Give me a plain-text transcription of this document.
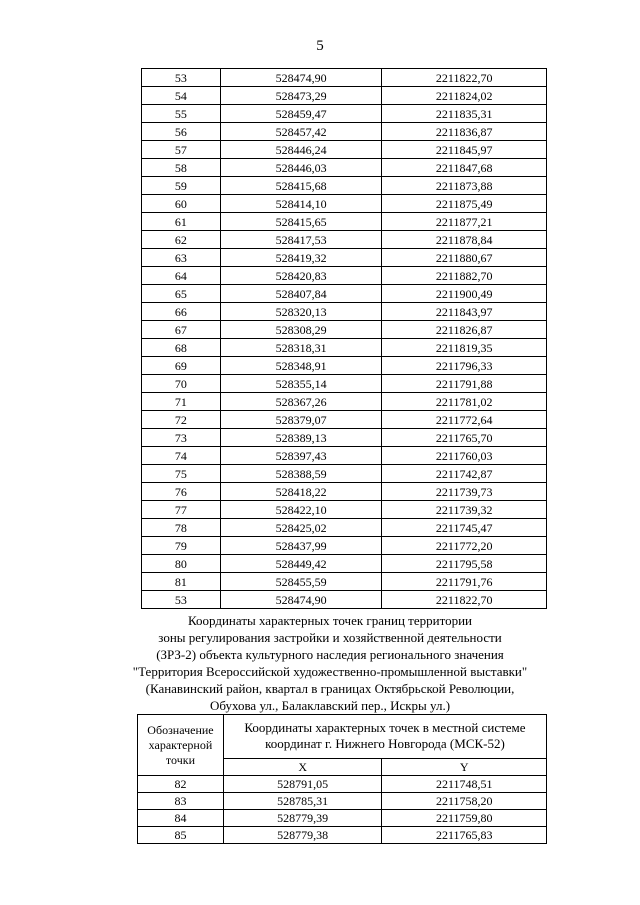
5
53	528474,90	2211822,70
54	528473,29	2211824,02
55	528459,47	2211835,31
56	528457,42	2211836,87
57	528446,24	2211845,97
58	528446,03	2211847,68
59	528415,68	2211873,88
60	528414,10	2211875,49
61	528415,65	2211877,21
62	528417,53	2211878,84
63	528419,32	2211880,67
64	528420,83	2211882,70
65	528407,84	2211900,49
66	528320,13	2211843,97
67	528308,29	2211826,87
68	528318,31	2211819,35
69	528348,91	2211796,33
70	528355,14	2211791,88
71	528367,26	2211781,02
72	528379,07	2211772,64
73	528389,13	2211765,70
74	528397,43	2211760,03
75	528388,59	2211742,87
76	528418,22	2211739,73
77	528422,10	2211739,32
78	528425,02	2211745,47
79	528437,99	2211772,20
80	528449,42	2211795,58
81	528455,59	2211791,76
53	528474,90	2211822,70
Координаты характерных точек границ территории
зоны регулирования застройки и хозяйственной деятельности
(ЗРЗ-2) объекта культурного наследия регионального значения
"Территория Всероссийской художественно-промышленной выставки"
(Канавинский район, квартал в границах Октябрьской Революции,
Обухова ул., Балаклавский пер., Искры ул.)
Обозначение характерной точки	Координаты характерных точек в местной системе координат г. Нижнего Новгорода (МСК-52)	
	X	Y
82	528791,05	2211748,51
83	528785,31	2211758,20
84	528779,39	2211759,80
85	528779,38	2211765,83
